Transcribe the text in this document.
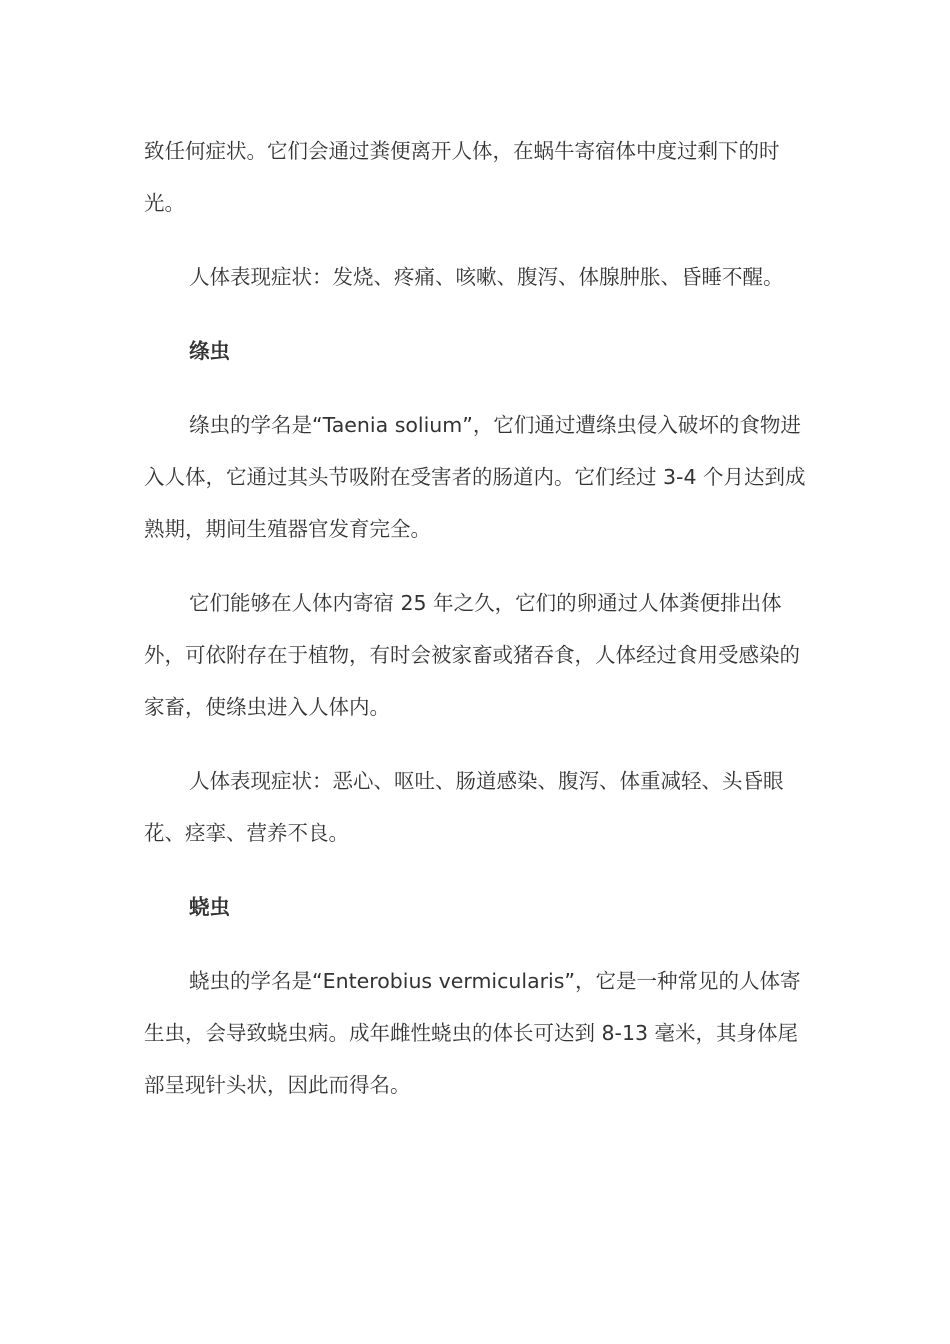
致任何症状。它们会通过粪便离开人体，在蜗牛寄宿体中度过剩下的时光。

人体表现症状：发烧、疼痛、咳嗽、腹泻、体腺肿胀、昏睡不醒。

绦虫

绦虫的学名是“Taenia solium”，它们通过遭绦虫侵入破坏的食物进入人体，它通过其头节吸附在受害者的肠道内。它们经过 3-4 个月达到成熟期，期间生殖器官发育完全。

它们能够在人体内寄宿 25 年之久，它们的卵通过人体粪便排出体外，可依附存在于植物，有时会被家畜或猪吞食，人体经过食用受感染的家畜，使绦虫进入人体内。

人体表现症状：恶心、呕吐、肠道感染、腹泻、体重减轻、头昏眼花、痉挛、营养不良。

蛲虫

蛲虫的学名是“Enterobius vermicularis”，它是一种常见的人体寄生虫，会导致蛲虫病。成年雌性蛲虫的体长可达到 8-13 毫米，其身体尾部呈现针头状，因此而得名。
